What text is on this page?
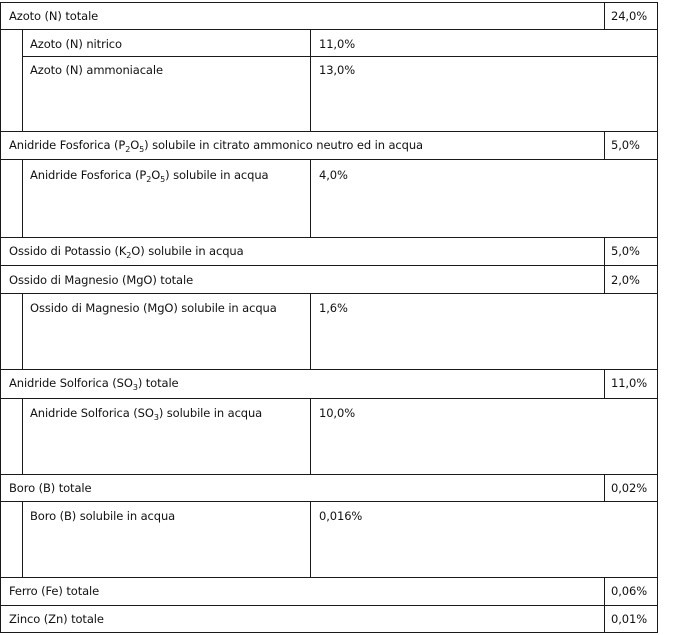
Azoto (N) totale	24,0%
Azoto (N) nitrico	11,0%
Azoto (N) ammoniacale	13,0%
Anidride Fosforica $(P_2O_5)$ solubile in citrato ammonico neutro ed in acqua	5,0%
Anidride Fosforica $(P_2O_5)$ solubile in acqua	4,0%
Ossido di Potassio $(K_2O)$ solubile in acqua	5,0%
Ossido di Magnesio (MgO) totale	2,0%
Ossido di Magnesio (MgO) solubile in acqua	1,6%
Anidride Solforica $(SO_3)$ totale	11,0%
Anidride Solforica $(SO_3)$ solubile in acqua	10,0%
Boro (B) totale	0,02%
Boro (B) solubile in acqua	0,016%
Ferro (Fe) totale	0,06%
Zinco (Zn) totale	0,01%
